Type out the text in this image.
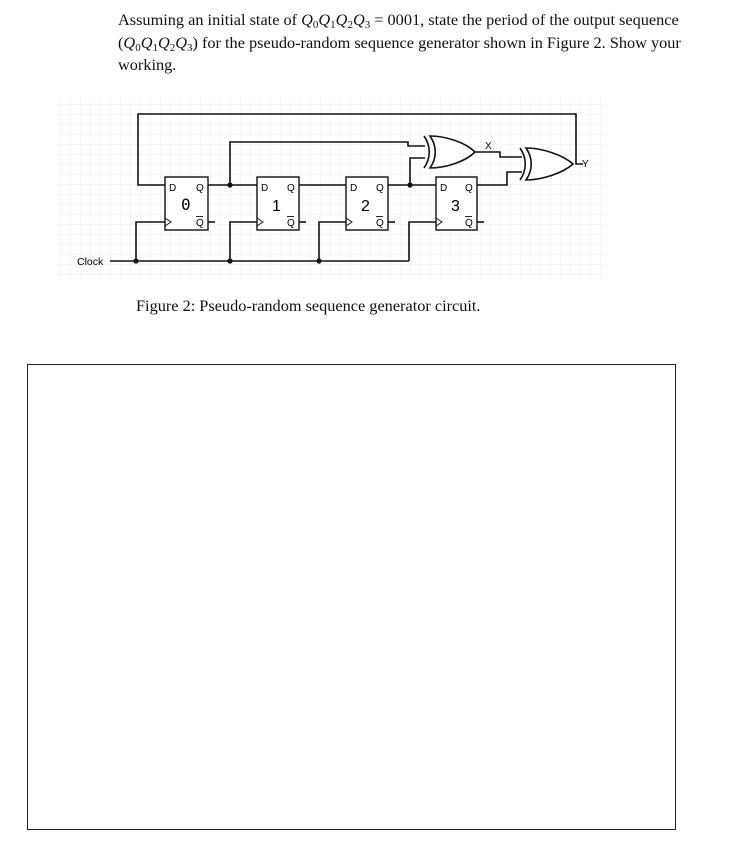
Assuming an initial state of $Q_0Q_1Q_2Q_3 = 0001$, state the period of the output sequence $(Q_0Q_1Q_2Q_3)$ for the pseudo-random sequence generator shown in Figure 2. Show your working.
D Q
0
Q
D Q
1
Q
D Q
2
Q
D Q
3
Q
X
Y
Clock
Figure 2: Pseudo-random sequence generator circuit.
